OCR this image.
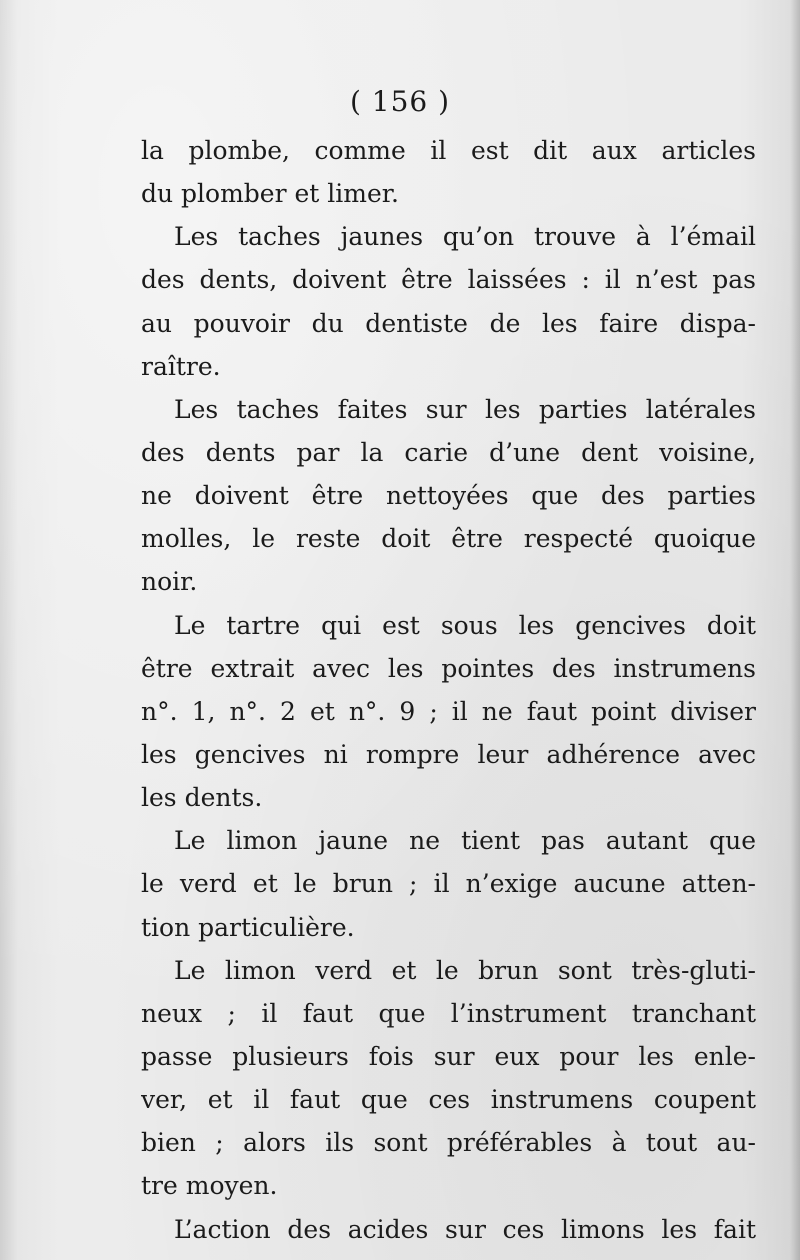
( 156 )
la plombe, comme il est dit aux articles
du plomber et limer.
Les taches jaunes qu’on trouve à l’émail
des dents, doivent être laissées : il n’est pas
au pouvoir du dentiste de les faire dispa-
raître.
Les taches faites sur les parties latérales
des dents par la carie d’une dent voisine,
ne doivent être nettoyées que des parties
molles, le reste doit être respecté quoique
noir.
Le tartre qui est sous les gencives doit
être extrait avec les pointes des instrumens
n°. 1, n°. 2 et n°. 9 ; il ne faut point diviser
les gencives ni rompre leur adhérence avec
les dents.
Le limon jaune ne tient pas autant que
le verd et le brun ; il n’exige aucune atten-
tion particulière.
Le limon verd et le brun sont très-gluti-
neux ; il faut que l’instrument tranchant
passe plusieurs fois sur eux pour les enle-
ver, et il faut que ces instrumens coupent
bien ; alors ils sont préférables à tout au-
tre moyen.
L’action des acides sur ces limons les fait
